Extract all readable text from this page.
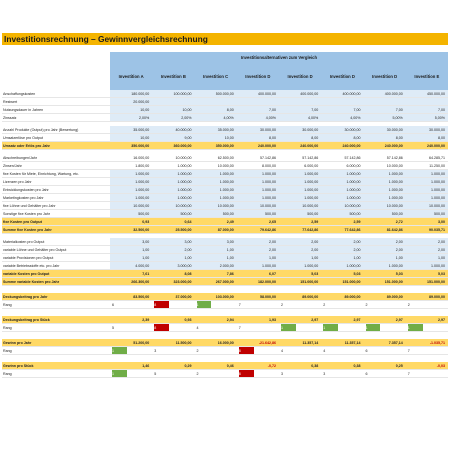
Investitionsrechnung – Gewinnvergleichsrechnung
Investitionsalternativen zum Vergleich
Investition A	Investition B	Investition C	Investition D	Investition D	Investition D	Investition D	Investition E
Anschaffungskosten	180.000,00	100.000,00	500.000,00	400.000,00	400.000,00	400.000,00	400.000,00	450.000,00
Restwert	20.000,00
Nutzungsdauer in Jahren	10,00	10,00	8,00	7,00	7,00	7,00	7,00	7,00
Zinssatz	2,00%	2,00%	4,00%	4,00%	4,00%	4,00%	5,00%	5,00%
Anzahl Produkte (Output) pro Jahr (Bewertung)	35.000,00	40.000,00	35.000,00	30.000,00	30.000,00	30.000,00	30.000,00	30.000,00
Umsatzerlöse pro Output	10,00	9,00	10,00	8,00	8,00	8,00	8,00	8,00
Umsatz oder Erlös pro Jahr	350.000,00	360.000,00	350.000,00	240.000,00	240.000,00	240.000,00	240.000,00	240.000,00
Abschreibungen/Jahr	16.000,00	10.000,00	62.500,00	57.142,86	57.142,86	57.142,86	57.142,86	64.285,71
Zinsen/Jahr	1.800,00	1.000,00	10.000,00	8.000,00	6.000,00	6.000,00	10.000,00	11.250,00
fixe Kosten für Miete, Einrichtung, Wartung, etc.	1.000,00	1.000,00	1.000,00	1.000,00	1.000,00	1.000,00	1.000,00	1.000,00
Lizenzen pro Jahr	1.000,00	1.000,00	1.000,00	1.000,00	1.000,00	1.000,00	1.000,00	1.000,00
Entwicklungskosten pro Jahr	1.000,00	1.000,00	1.000,00	1.000,00	1.000,00	1.000,00	1.000,00	1.000,00
Marketingkosten pro Jahr	1.000,00	1.000,00	1.000,00	1.000,00	1.000,00	1.000,00	1.000,00	1.000,00
fixe Löhne und Gehälter pro Jahr	10.000,00	10.000,00	10.000,00	10.000,00	10.000,00	10.000,00	10.000,00	10.000,00
Sonstige fixe Kosten pro Jahr	500,00	500,00	500,00	500,00	500,00	500,00	500,00	500,00
fixe Kosten pro Output	0,93	0,64	2,49	2,65	2,59	2,59	2,72	3,00
Summe fixe Kosten pro Jahr	32.500,00	25.500,00	87.000,00	79.642,86	77.642,86	77.642,86	81.642,86	90.035,71
Materialkosten pro Output	3,00	3,00	3,00	2,00	2,00	2,00	2,00	2,00
variable Löhne und Gehälter pro Output	1,00	2,00	1,00	2,00	2,00	2,00	2,00	2,00
variable Provisionen pro Output	1,00	1,00	1,00	1,00	1,00	1,00	1,00	1,00
variable Betriebsstoffe etc. pro Jahr	4.000,00	3.000,00	2.000,00	1.000,00	1.000,00	1.000,00	1.000,00	1.000,00
variable Kosten pro Output	7,61	8,08	7,86	6,07	5,03	5,03	5,03	5,03
Summe variable Kosten pro Jahr	266.300,00	323.000,00	267.000,00	182.000,00	151.000,00	151.000,00	151.000,00	151.000,00
Deckungsbeitrag pro Jahr	83.500,00	37.000,00	103.000,00	58.000,00	89.000,00	89.000,00	89.000,00	89.000,00
Rang	6	8	1	7	2	2	2	2
Deckungsbeitrag pro Stück	2,39	0,93	2,94	1,93	2,97	2,97	2,97	2,97
Rang	5	8	4	7	1	1	1	1
Gewinn pro Jahr	51.200,00	11.500,00	16.000,00	-21.642,86	11.357,14	11.357,14	7.357,14	-1.035,71
Rang	1	3	2	8	4	4	6	7
Gewinn pro Stück	1,46	0,29	0,46	-0,72	0,38	0,38	0,25	-0,03
Rang	1	5	2	8	3	3	6	7
